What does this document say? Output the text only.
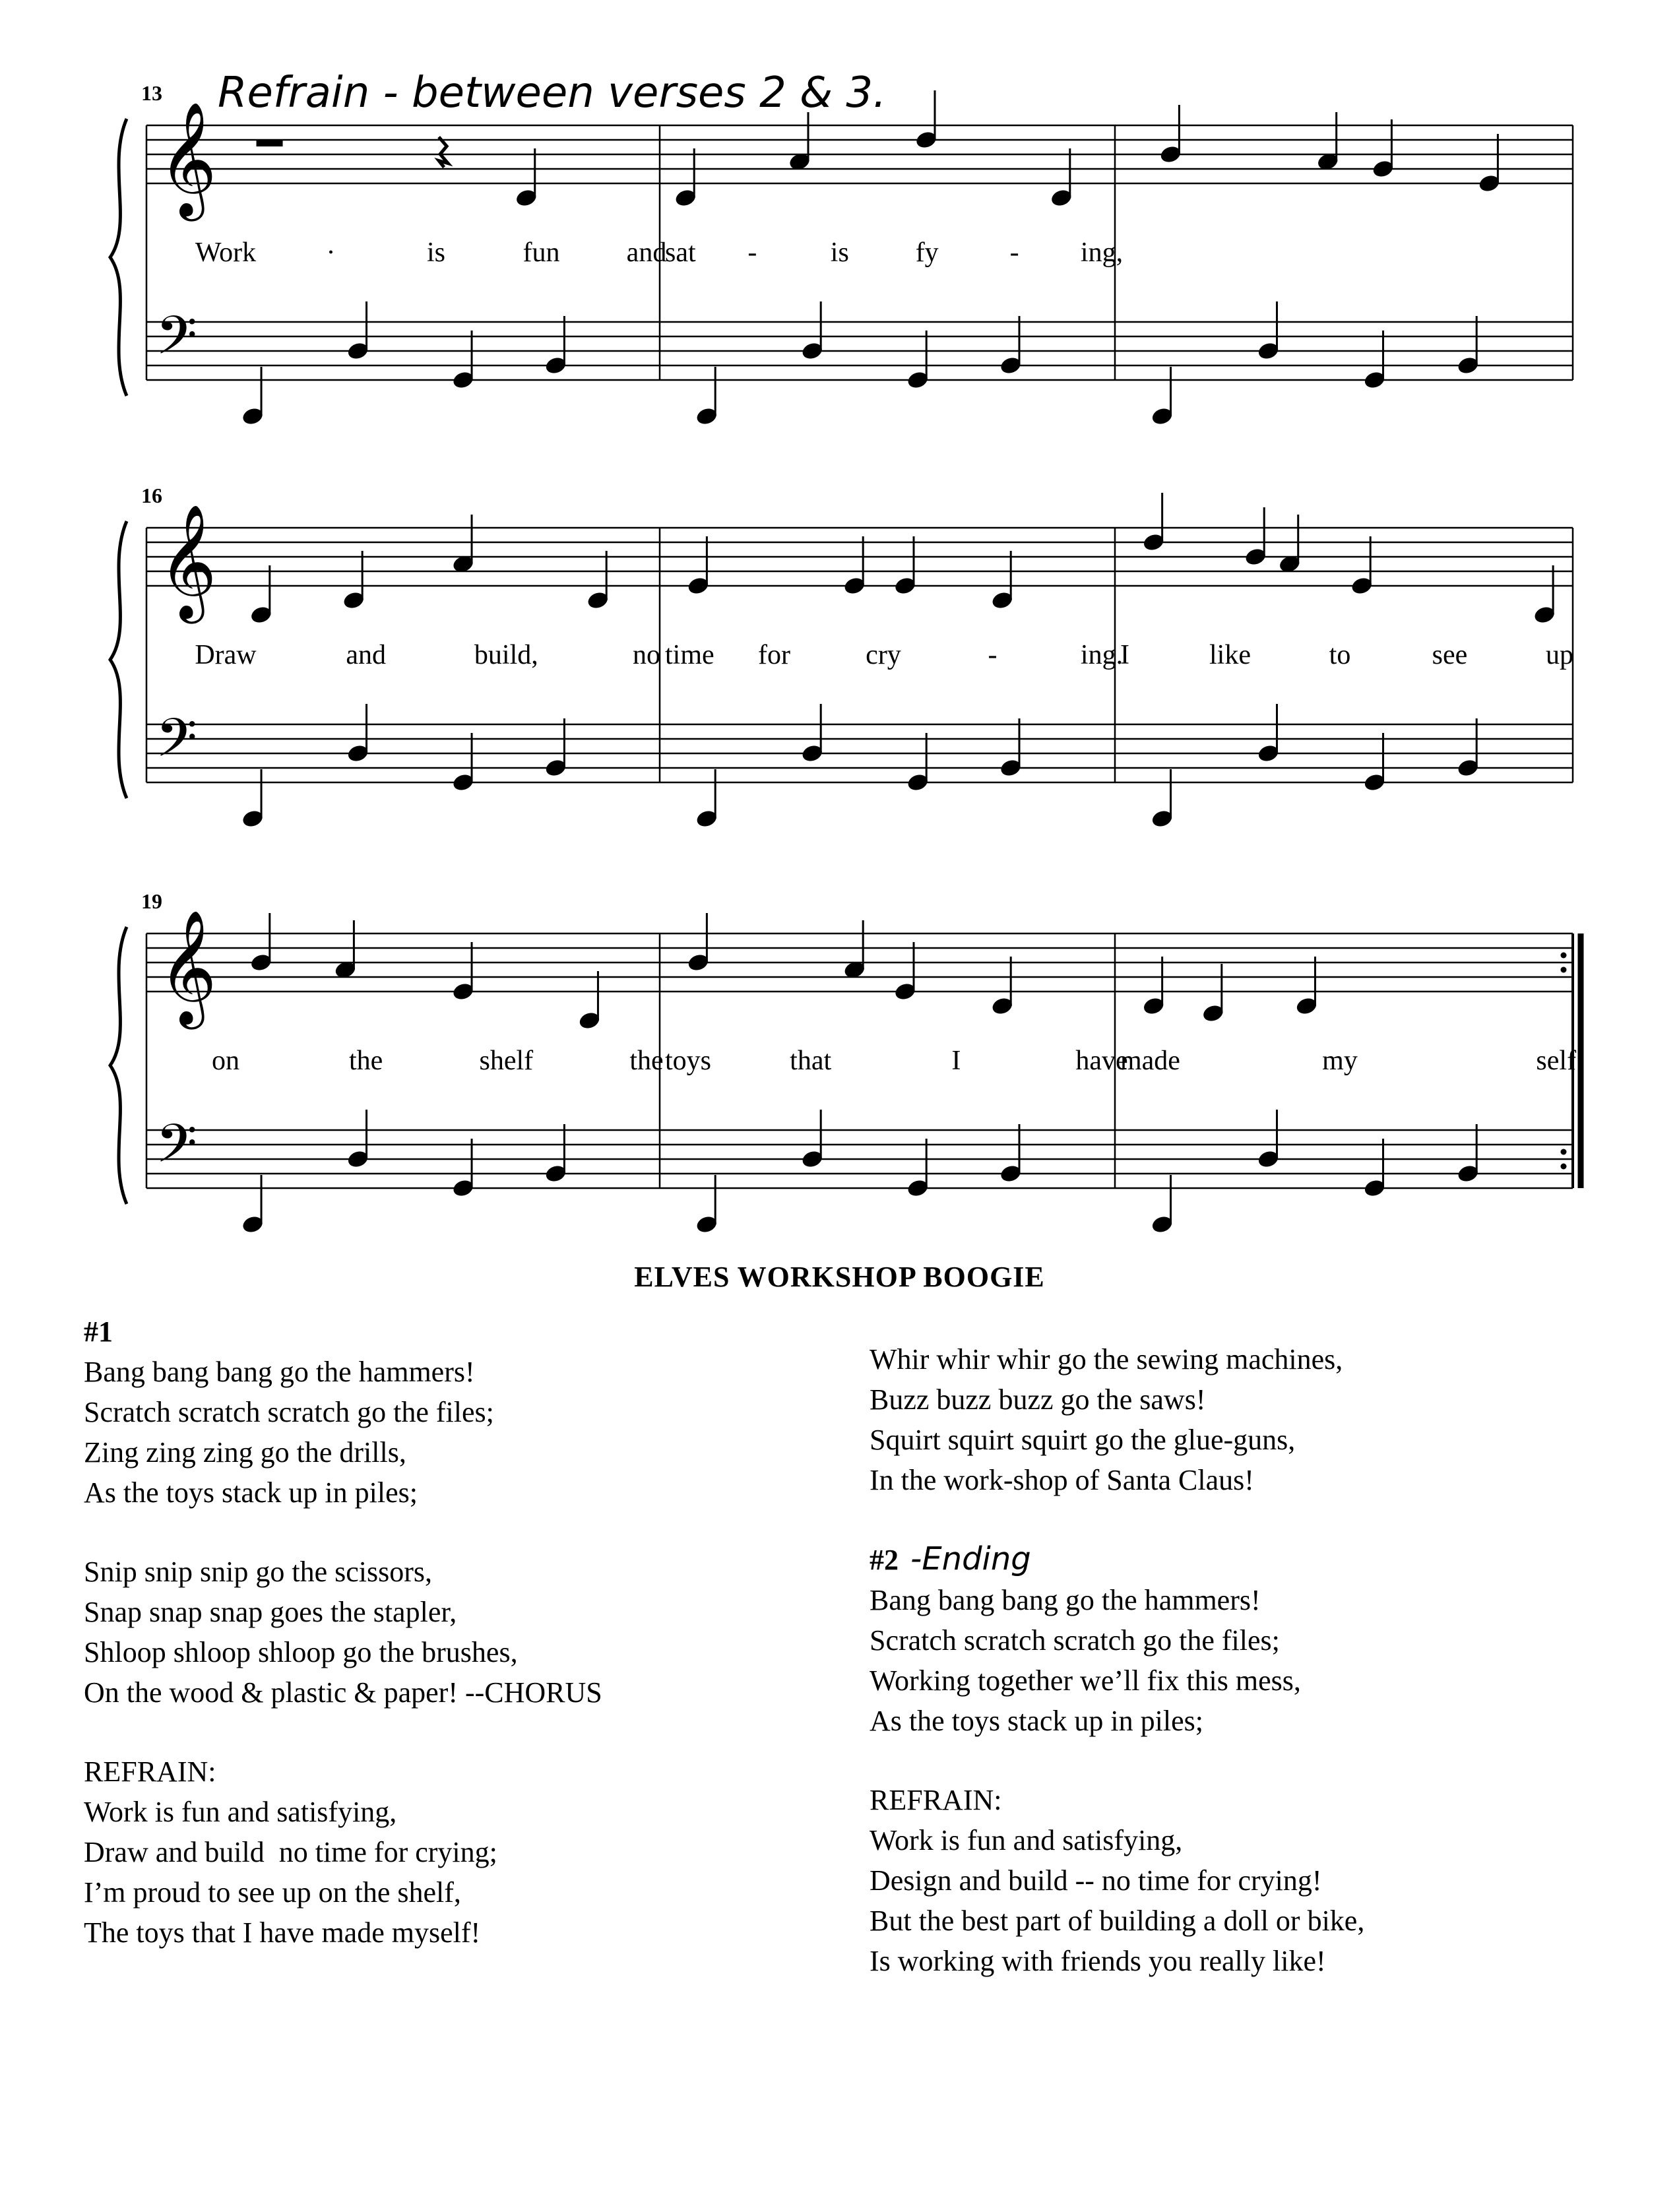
Refrain - between verses 2 & 3.
𝄞
𝄢
13
Work	·	is	fun and
sat -	is fy	- ing,
𝄞
𝄢
16
Draw	and	build,	no time for	cry	-	ing.
I	like	to	see	up
𝄞
𝄢
19
on	the	shelf	the toys	that	I	have
made	my	self.
ELVES WORKSHOP BOOGIE
#1
Bang bang bang go the hammers!
Scratch scratch scratch go the files;
Zing zing zing go the drills,
As the toys stack up in piles;
Snip snip snip go the scissors,
Snap snap snap goes the stapler,
Shloop shloop shloop go the brushes,
On the wood & plastic & paper! --CHORUS
REFRAIN:
Work is fun and satisfying,
Draw and build  no time for crying;
I’m proud to see up on the shelf,
The toys that I have made myself!
Whir whir whir go the sewing machines,
Buzz buzz buzz go the saws!
Squirt squirt squirt go the glue-guns,
In the work-shop of Santa Claus!
#2 -Ending
Bang bang bang go the hammers!
Scratch scratch scratch go the files;
Working together we’ll fix this mess,
As the toys stack up in piles;
REFRAIN:
Work is fun and satisfying,
Design and build -- no time for crying!
But the best part of building a doll or bike,
Is working with friends you really like!
